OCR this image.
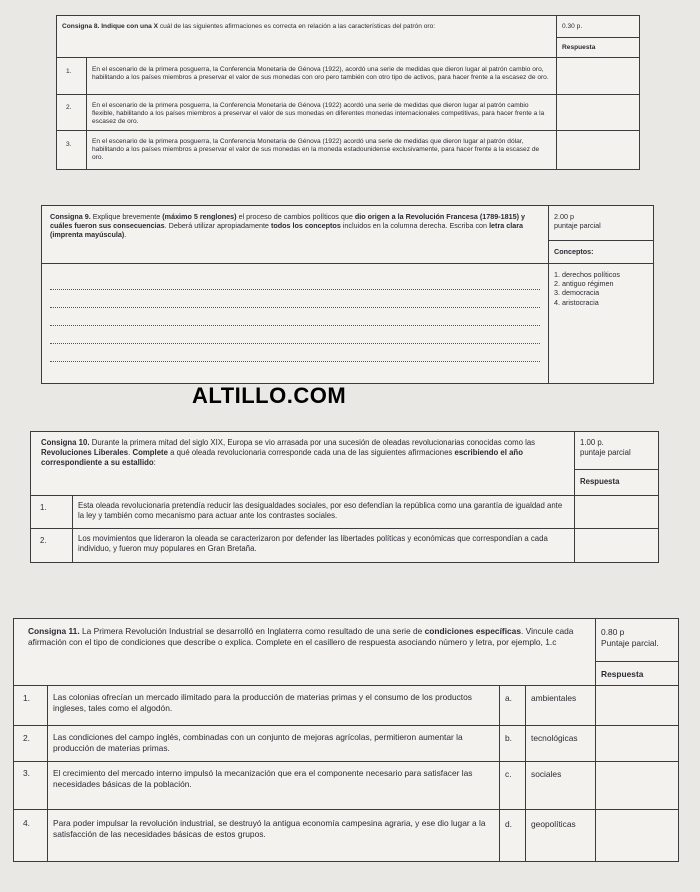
Consigna 8. Indique con una X cuál de las siguientes afirmaciones es correcta en relación a las características del patrón oro:		0.30 p.
		Respuesta
1.	En el escenario de la primera posguerra, la Conferencia Monetaria de Génova (1922), acordó una serie de medidas que dieron lugar al patrón cambio oro, habilitando a los países miembros a preservar el valor de sus monedas con oro pero también con otro tipo de activos, para hacer frente a la escasez de oro.	
2.	En el escenario de la primera posguerra, la Conferencia Monetaria de Génova (1922) acordó una serie de medidas que dieron lugar al patrón cambio flexible, habilitando a los países miembros a preservar el valor de sus monedas en diferentes monedas internacionales competitivas, para hacer frente a la escasez de oro.	
3.	En el escenario de la primera posguerra, la Conferencia Monetaria de Génova (1922) acordó una serie de medidas que dieron lugar al patrón dólar, habilitando a los países miembros a preservar el valor de sus monedas en la moneda estadounidense exclusivamente, para hacer frente a la escasez de oro.	
Consigna 9. Explique brevemente (máximo 5 renglones) el proceso de cambios políticos que dio origen a la Revolución Francesa (1789-1815) y cuáles fueron sus consecuencias. Deberá utilizar apropiadamente todos los conceptos incluidos en la columna derecha. Escriba con letra clara (imprenta mayúscula).	2.00 p
puntaje parcial

	Conceptos:

	1. derechos políticos
2. antiguo régimen
3. democracia
4. aristocracia
ALTILLO.COM
Consigna 10. Durante la primera mitad del siglo XIX, Europa se vio arrasada por una sucesión de oleadas revolucionarias conocidas como las Revoluciones Liberales. Complete a qué oleada revolucionaria corresponde cada una de las siguientes afirmaciones escribiendo el año correspondiente a su estallido:		1.00 p.
puntaje parcial

		Respuesta
1.	Esta oleada revolucionaria pretendía reducir las desigualdades sociales, por eso defendían la república como una garantía de igualdad ante la ley y también como mecanismo para actuar ante los contrastes sociales.	
2.	Los movimientos que lideraron la oleada se caracterizaron por defender las libertades políticas y económicas que correspondían a cada individuo, y fueron muy populares en Gran Bretaña.	
Consigna 11. La Primera Revolución Industrial se desarrolló en Inglaterra como resultado de una serie de condiciones específicas. Vincule cada afirmación con el tipo de condiciones que describe o explica. Complete en el casillero de respuesta asociando número y letra, por ejemplo, 1.c				0.80 p
Puntaje parcial.

				Respuesta
1.	Las colonias ofrecían un mercado ilimitado para la producción de materias primas y el consumo de los productos ingleses, tales como el algodón.	a.	ambientales	
2.	Las condiciones del campo inglés, combinadas con un conjunto de mejoras agrícolas, permitieron aumentar la producción de materias primas.	b.	tecnológicas	
3.	El crecimiento del mercado interno impulsó la mecanización que era el componente necesario para satisfacer las necesidades básicas de la población.	c.	sociales	
4.	Para poder impulsar la revolución industrial, se destruyó la antigua economía campesina agraria, y ese dio lugar a la satisfacción de las necesidades básicas de estos grupos.	d.	geopolíticas	
